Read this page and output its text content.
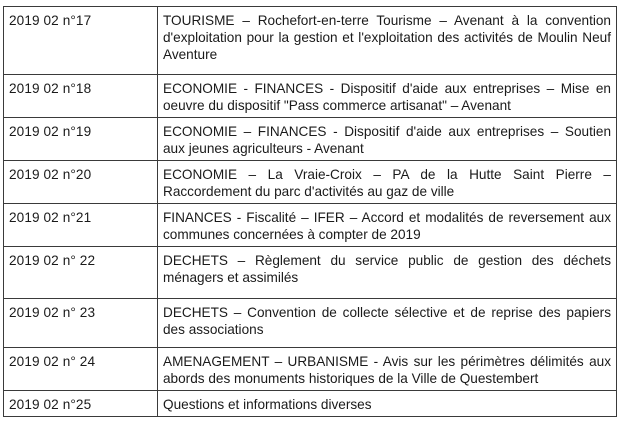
2019 02 n°17	TOURISME – Rochefort-en-terre Tourisme – Avenant à la convention d'exploitation pour la gestion et l'exploitation des activités de Moulin Neuf Aventure
2019 02 n°18	ECONOMIE - FINANCES - Dispositif d'aide aux entreprises – Mise en oeuvre du dispositif "Pass commerce artisanat" – Avenant
2019 02 n°19	ECONOMIE – FINANCES - Dispositif d'aide aux entreprises – Soutien aux jeunes agriculteurs - Avenant
2019 02 n°20	ECONOMIE – La Vraie-Croix – PA de la Hutte Saint Pierre – Raccordement du parc d'activités au gaz de ville
2019 02 n°21	FINANCES - Fiscalité – IFER – Accord et modalités de reversement aux communes concernées à compter de 2019
2019 02 n° 22	DECHETS – Règlement du service public de gestion des déchets ménagers et assimilés
2019 02 n° 23	DECHETS – Convention de collecte sélective et de reprise des papiers des associations
2019 02 n° 24	AMENAGEMENT – URBANISME - Avis sur les périmètres délimités aux abords des monuments historiques de la Ville de Questembert
2019 02 n°25	Questions et informations diverses
